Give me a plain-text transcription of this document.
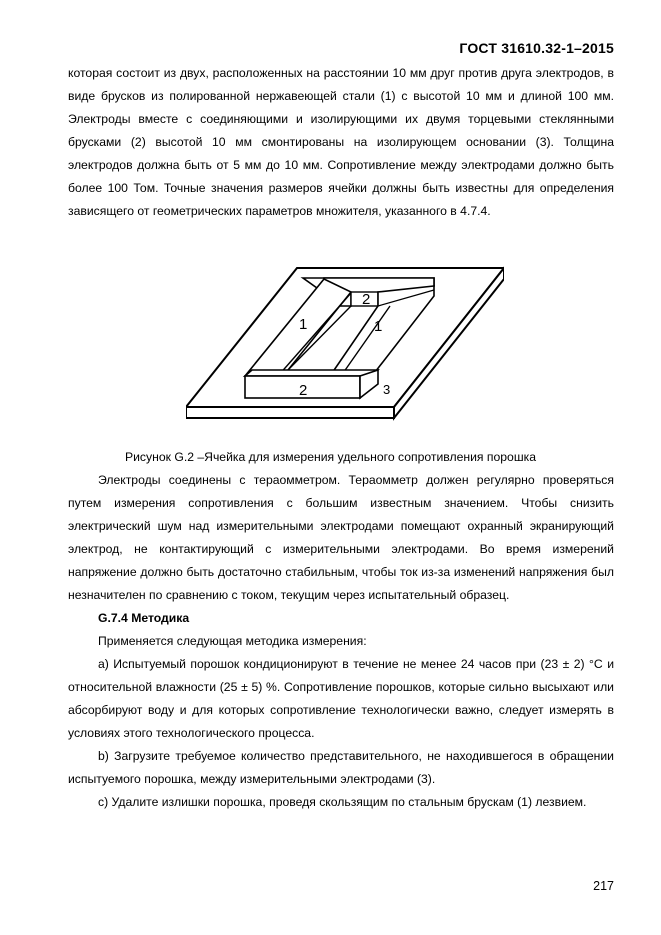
ГОСТ 31610.32-1–2015

которая состоит из двух, расположенных на расстоянии 10 мм друг против друга электродов, в виде брусков из полированной нержавеющей стали (1) с высотой 10 мм и длиной 100 мм. Электроды вместе с соединяющими и изолирующими их двумя торцевыми стеклянными брусками (2) высотой 10 мм смонтированы на изолирующем основании (3). Толщина электродов должна быть от 5 мм до 10 мм. Сопротивление между электродами должно быть более 100 Том. Точные значения размеров ячейки должны быть известны для определения зависящего от геометрических параметров множителя, указанного в 4.7.4.

1	1
2
2	3
Рисунок G.2 –Ячейка для измерения удельного сопротивления порошка

Электроды соединены с тераомметром. Тераомметр должен регулярно проверяться путем измерения сопротивления с большим известным значением. Чтобы снизить электрический шум над измерительными электродами помещают охранный экранирующий электрод, не контактирующий с измерительными электродами. Во время измерений напряжение должно быть достаточно стабильным, чтобы ток из-за изменений напряжения был незначителен по сравнению с током, текущим через испытательный образец.

G.7.4 Методика

Применяется следующая методика измерения:

а) Испытуемый порошок кондиционируют в течение не менее 24 часов при (23 ± 2) °С и относительной влажности (25 ± 5) %. Сопротивление порошков, которые сильно высыхают или абсорбируют воду и для которых сопротивление технологически важно, следует измерять в условиях этого технологического процесса.

b) Загрузите требуемое количество представительного, не находившегося в обращении испытуемого порошка, между измерительными электродами (3).

с) Удалите излишки порошка, проведя скользящим по стальным брускам (1) лезвием.

217
